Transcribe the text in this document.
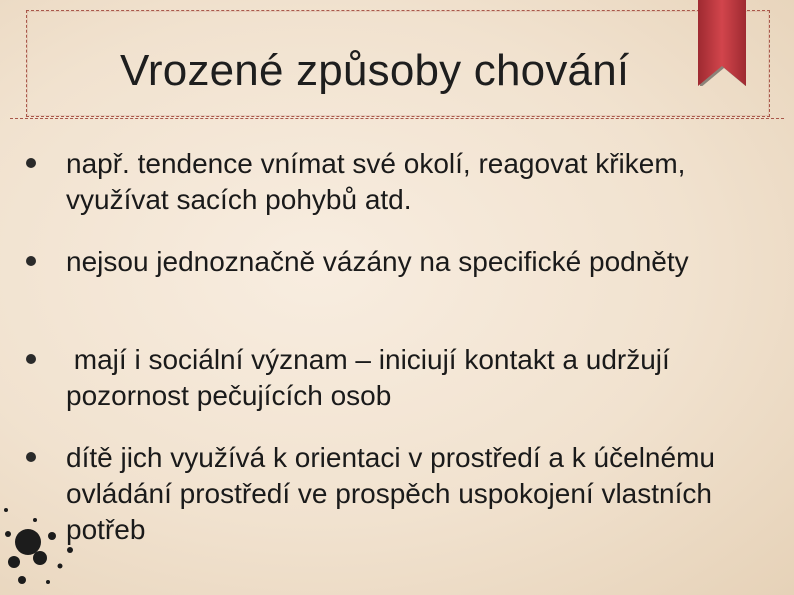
Vrozené způsoby chování
např. tendence vnímat své okolí, reagovat křikem, využívat sacích pohybů atd.
nejsou jednoznačně vázány na specifické podněty
mají i sociální význam – iniciují kontakt a udržují pozornost pečujících osob
dítě jich využívá k orientaci v prostředí a k účelnému ovládání prostředí ve prospěch uspokojení vlastních potřeb
